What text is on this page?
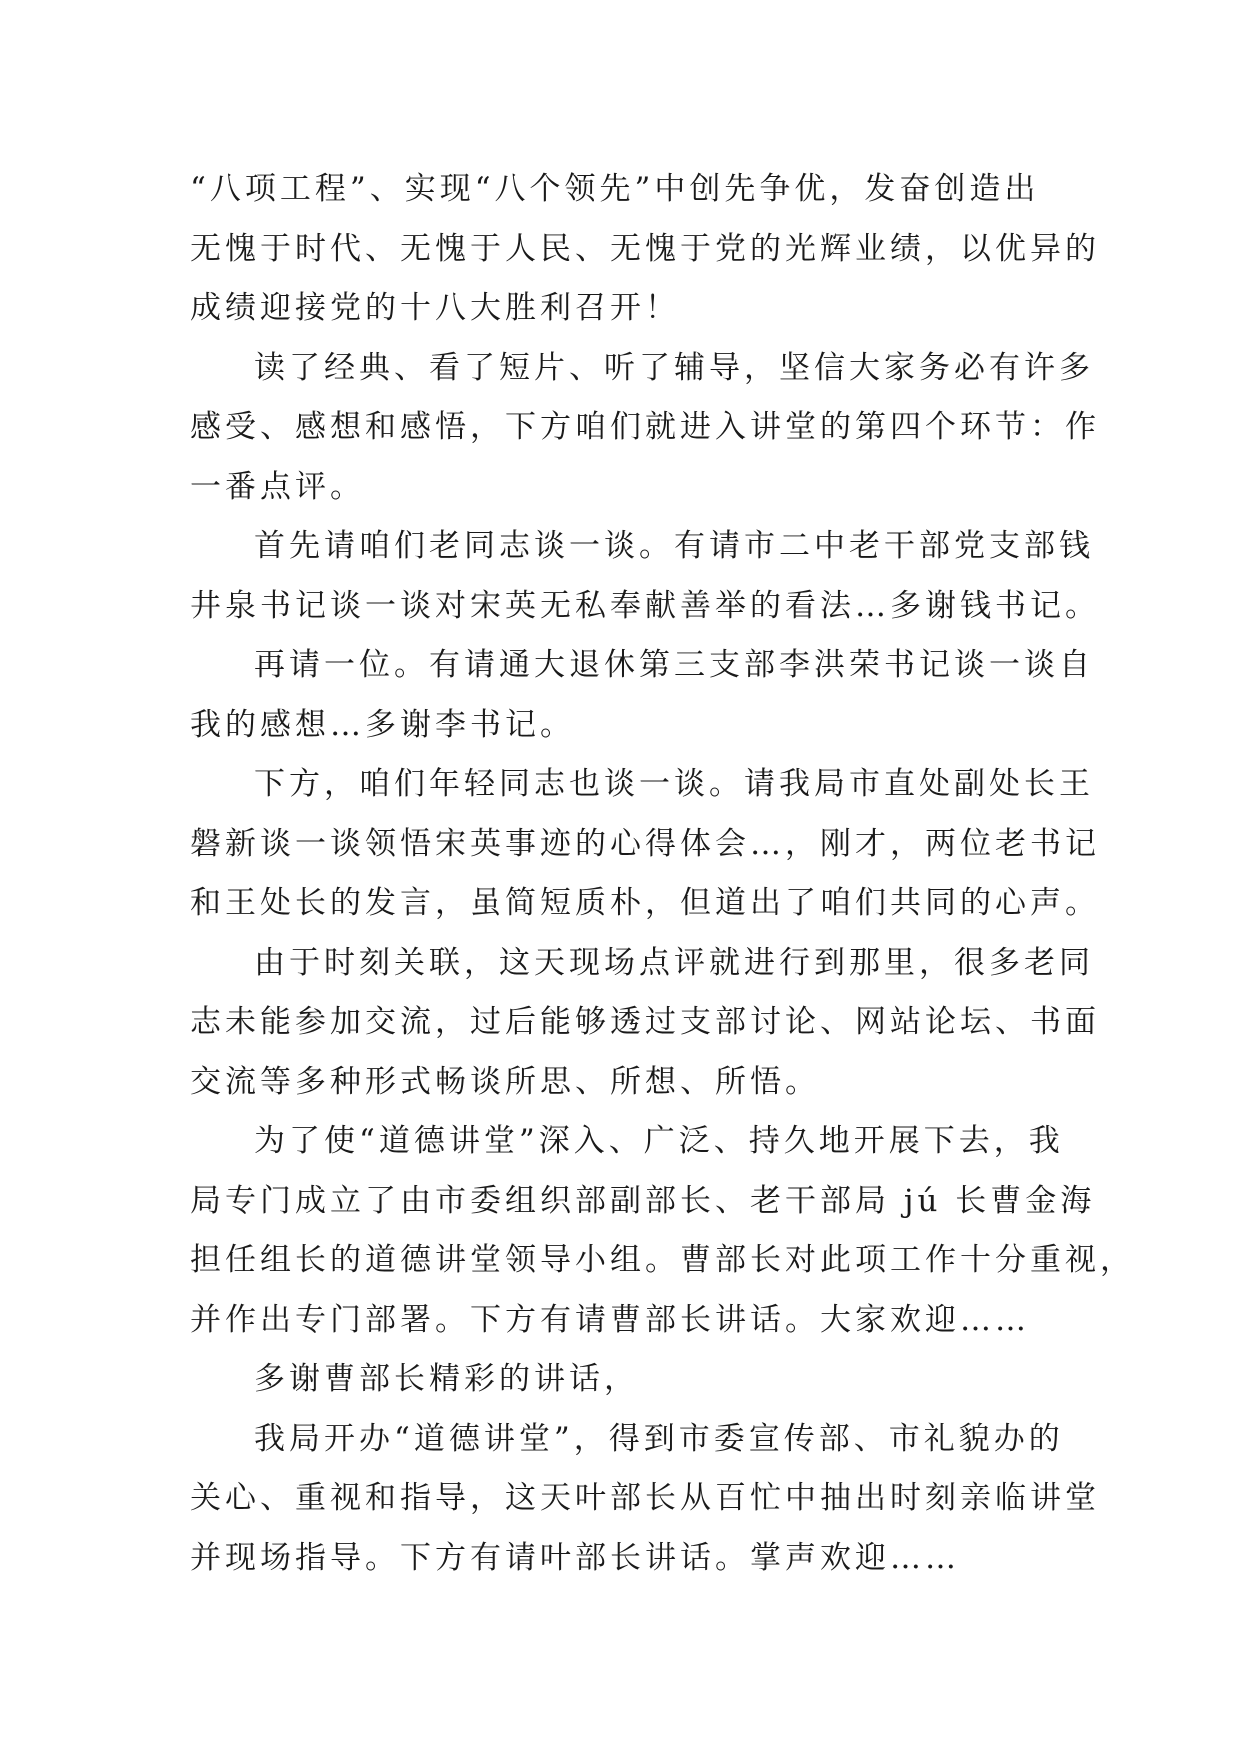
“八项工程”、实现“八个领先”中创先争优，发奋创造出
无愧于时代、无愧于人民、无愧于党的光辉业绩，以优异的
成绩迎接党的十八大胜利召开！
读了经典、看了短片、听了辅导，坚信大家务必有许多
感受、感想和感悟，下方咱们就进入讲堂的第四个环节：作
一番点评。
首先请咱们老同志谈一谈。有请市二中老干部党支部钱
井泉书记谈一谈对宋英无私奉献善举的看法…多谢钱书记。
再请一位。有请通大退休第三支部李洪荣书记谈一谈自
我的感想…多谢李书记。
下方，咱们年轻同志也谈一谈。请我局市直处副处长王
磐新谈一谈领悟宋英事迹的心得体会…，刚才，两位老书记
和王处长的发言，虽简短质朴，但道出了咱们共同的心声。
由于时刻关联，这天现场点评就进行到那里，很多老同
志未能参加交流，过后能够透过支部讨论、网站论坛、书面
交流等多种形式畅谈所思、所想、所悟。
为了使“道德讲堂”深入、广泛、持久地开展下去，我
局专门成立了由市委组织部副部长、老干部局 jú 长曹金海
担任组长的道德讲堂领导小组。曹部长对此项工作十分重视，
并作出专门部署。下方有请曹部长讲话。大家欢迎……
多谢曹部长精彩的讲话，
我局开办“道德讲堂”，得到市委宣传部、市礼貌办的
关心、重视和指导，这天叶部长从百忙中抽出时刻亲临讲堂
并现场指导。下方有请叶部长讲话。掌声欢迎……
